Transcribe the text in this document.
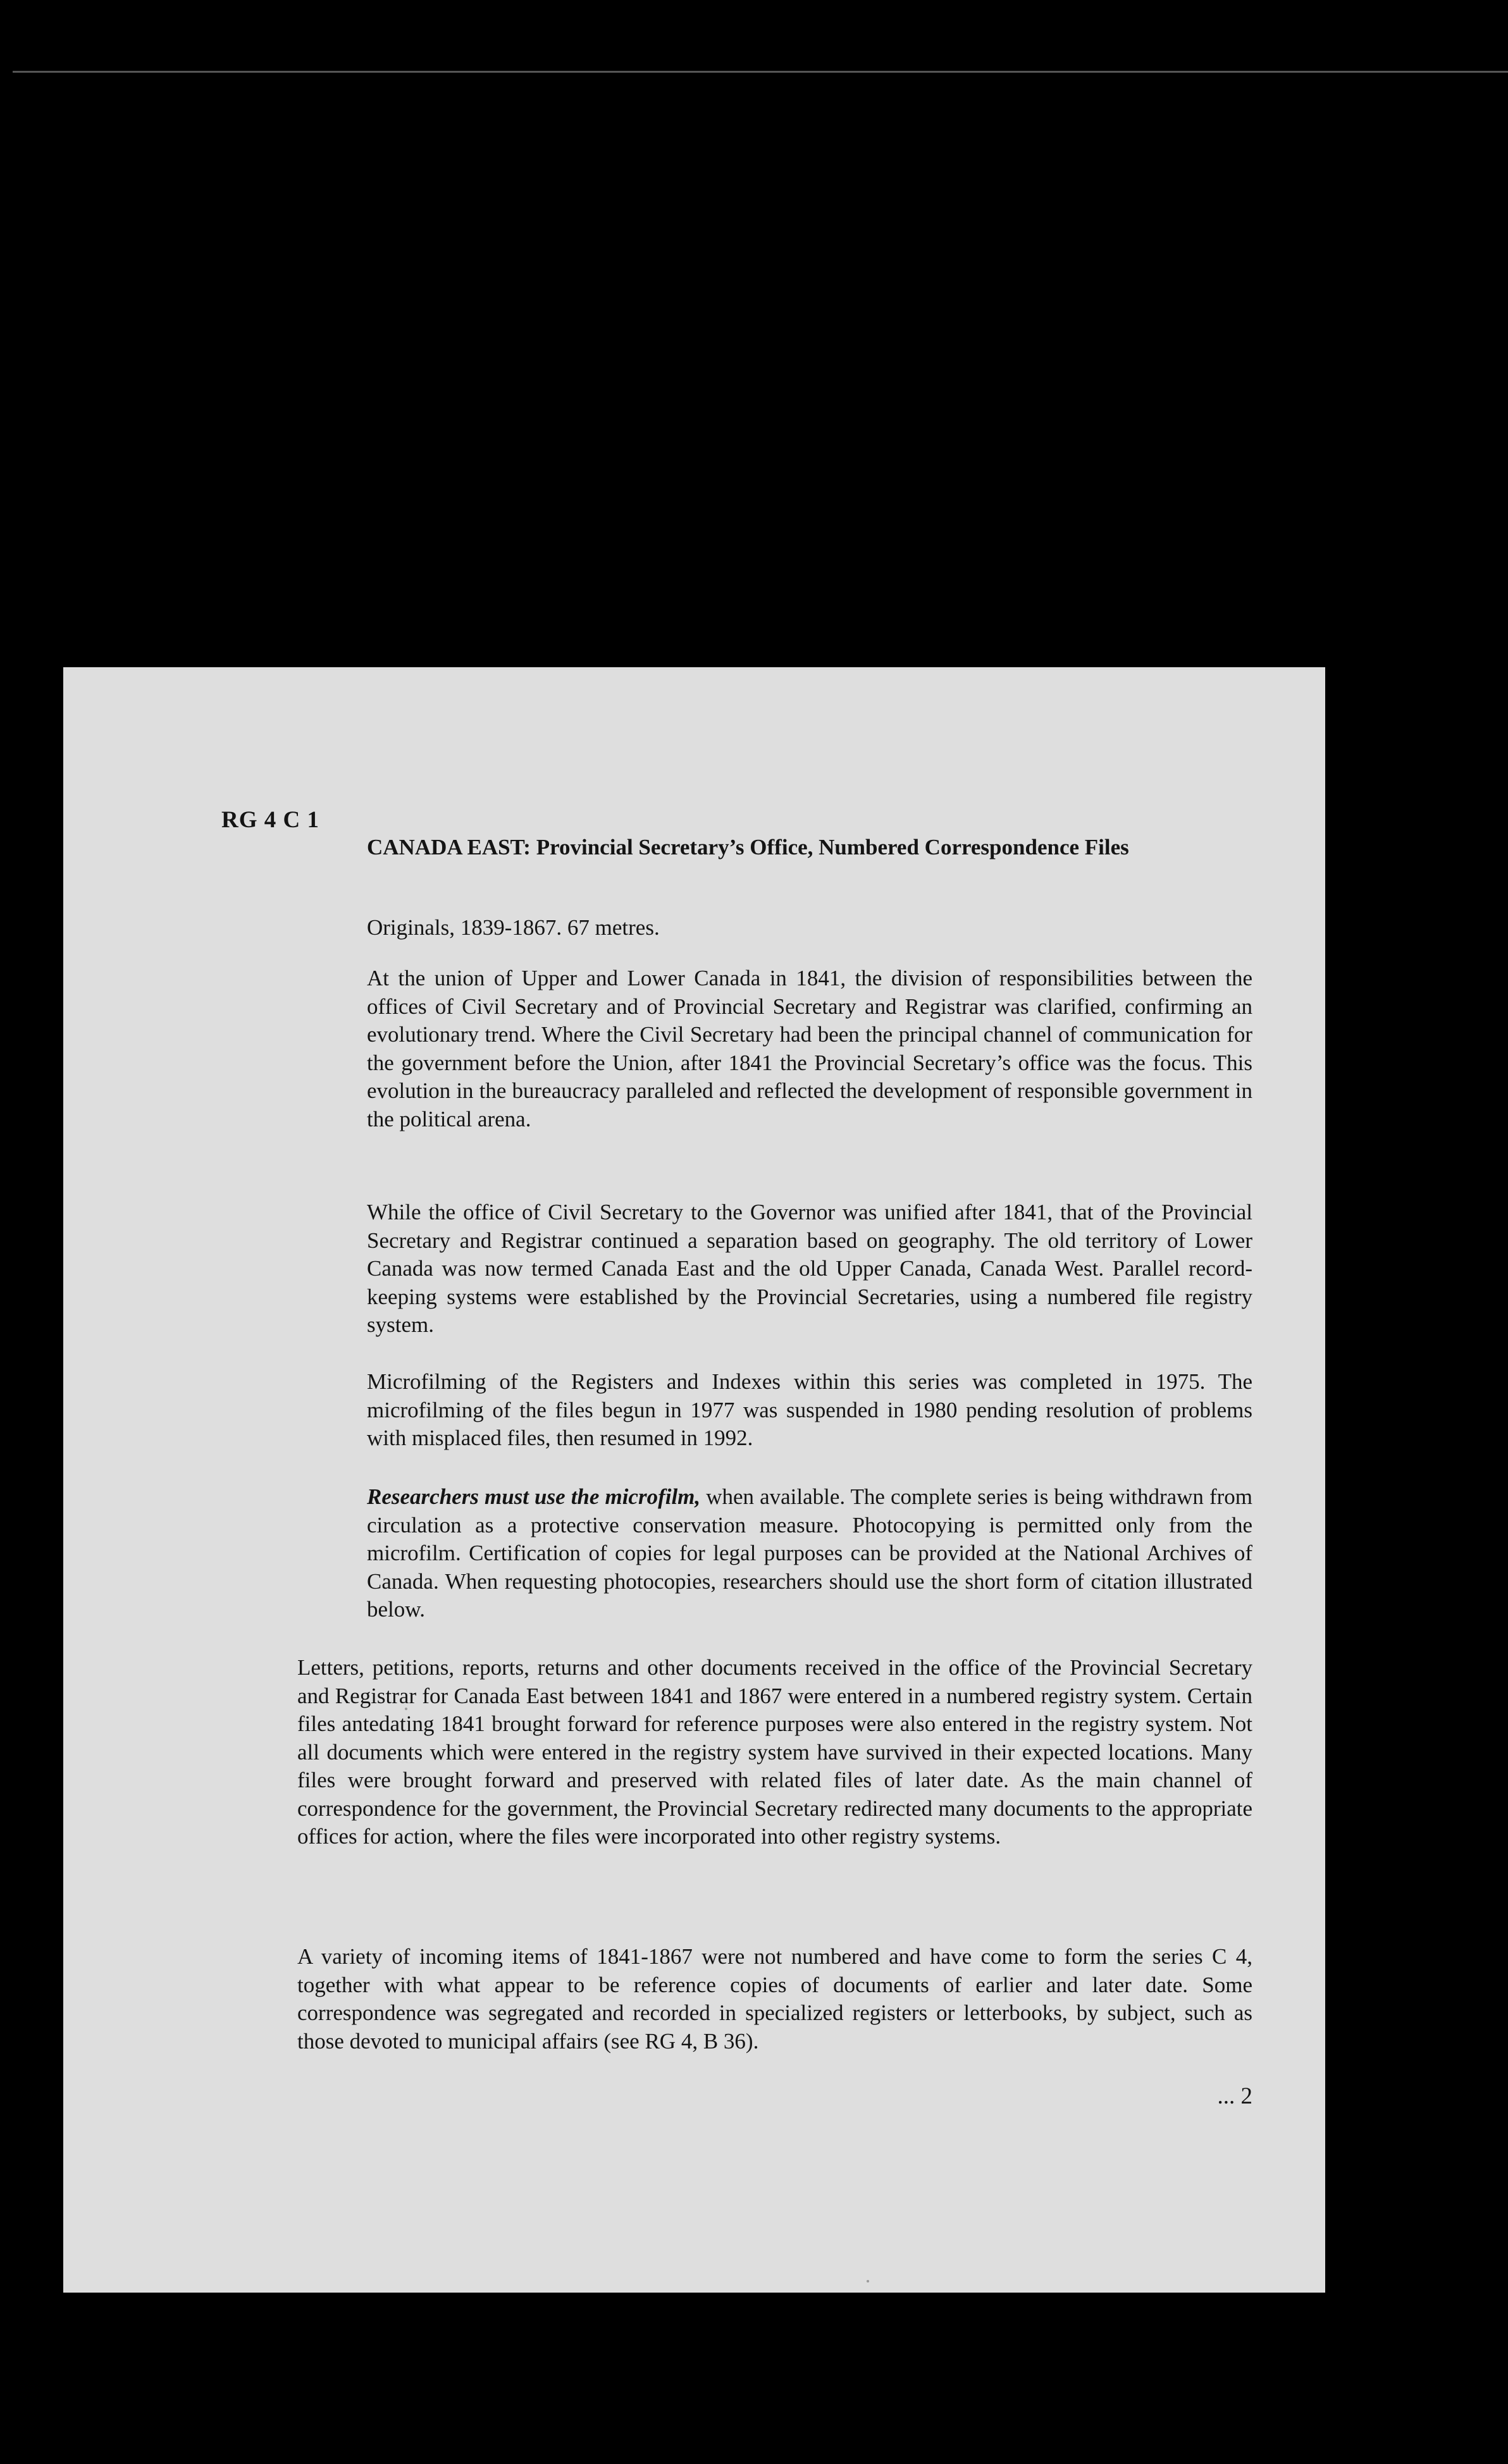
RG 4 C 1
CANADA EAST: Provincial Secretary’s Office, Numbered Correspondence Files
Originals, 1839-1867. 67 metres.
At the union of Upper and Lower Canada in 1841, the division of responsibilities between the offices of Civil Secretary and of Provincial Secretary and Registrar was clarified, confirming an evolutionary trend. Where the Civil Secretary had been the principal channel of communication for the government before the Union, after 1841 the Provincial Secretary’s office was the focus. This evolution in the bureaucracy paralleled and reflected the development of responsible government in the political arena.
While the office of Civil Secretary to the Governor was unified after 1841, that of the Provincial Secretary and Registrar continued a separation based on geography. The old territory of Lower Canada was now termed Canada East and the old Upper Canada, Canada West. Parallel record-keeping systems were established by the Provincial Secretaries, using a numbered file registry system.
Microfilming of the Registers and Indexes within this series was completed in 1975. The microfilming of the files begun in 1977 was suspended in 1980 pending resolution of problems with misplaced files, then resumed in 1992.
Researchers must use the microfilm, when available. The complete series is being withdrawn from circulation as a protective conservation measure. Photocopying is permitted only from the microfilm. Certification of copies for legal purposes can be provided at the National Archives of Canada. When requesting photocopies, researchers should use the short form of citation illustrated below.
Letters, petitions, reports, returns and other documents received in the office of the Provincial Secretary and Registrar for Canada East between 1841 and 1867 were entered in a numbered registry system. Certain files antedating 1841 brought forward for reference purposes were also entered in the registry system. Not all documents which were entered in the registry system have survived in their expected locations. Many files were brought forward and preserved with related files of later date. As the main channel of correspondence for the government, the Provincial Secretary redirected many documents to the appropriate offices for action, where the files were incorporated into other registry systems.
A variety of incoming items of 1841-1867 were not numbered and have come to form the series C 4, together with what appear to be reference copies of documents of earlier and later date. Some correspondence was segregated and recorded in specialized registers or letterbooks, by subject, such as those devoted to municipal affairs (see RG 4, B 36).
... 2
